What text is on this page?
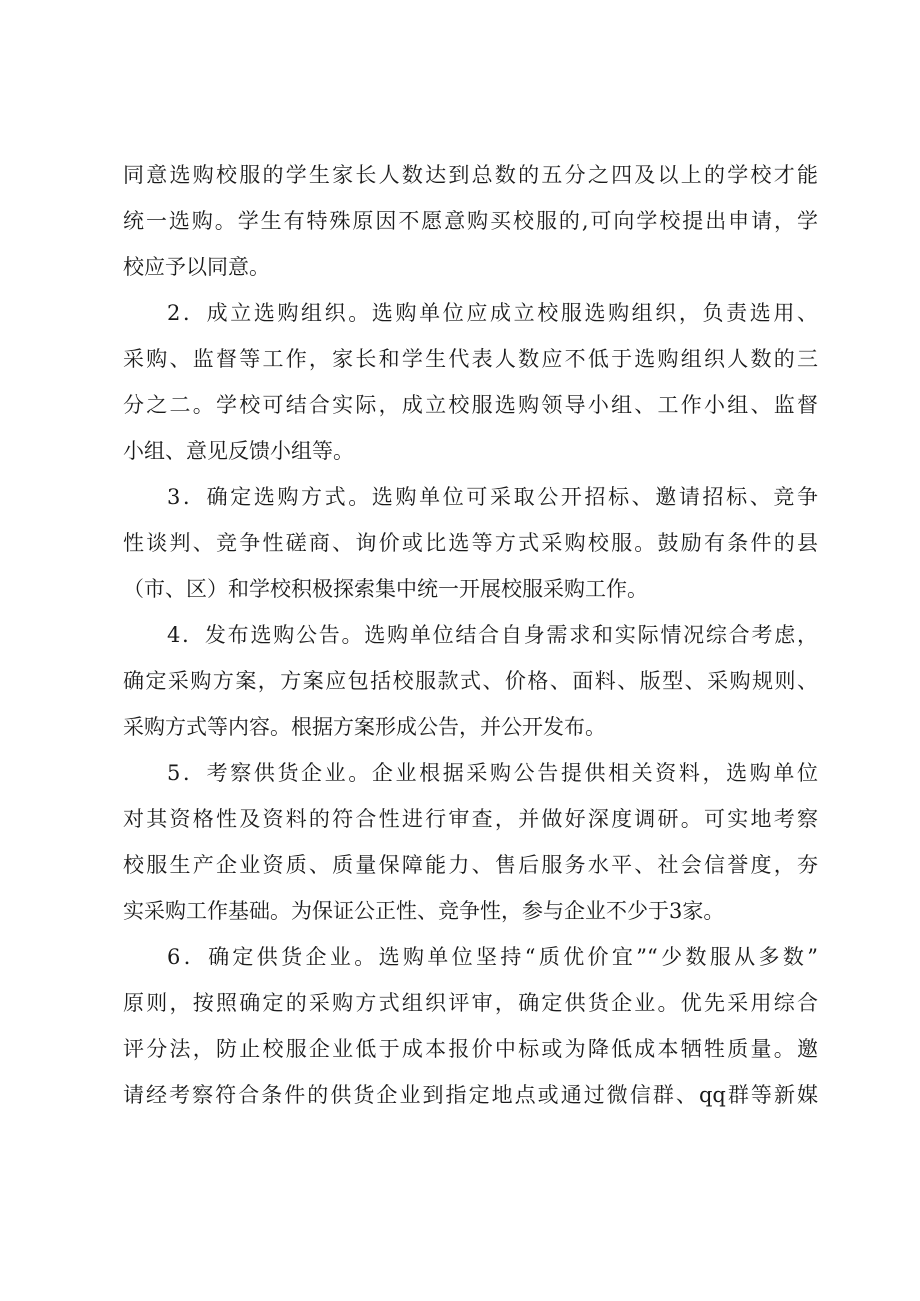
同意选购校服的学生家长人数达到总数的五分之四及以上的学校才能
统一选购。学生有特殊原因不愿意购买校服的,可向学校提出申请，学
校应予以同意。
2．成立选购组织。选购单位应成立校服选购组织，负责选用、
采购、监督等工作，家长和学生代表人数应不低于选购组织人数的三
分之二。学校可结合实际，成立校服选购领导小组、工作小组、监督
小组、意见反馈小组等。
3．确定选购方式。选购单位可采取公开招标、邀请招标、竞争
性谈判、竞争性磋商、询价或比选等方式采购校服。鼓励有条件的县
（市、区）和学校积极探索集中统一开展校服采购工作。
4．发布选购公告。选购单位结合自身需求和实际情况综合考虑，
确定采购方案，方案应包括校服款式、价格、面料、版型、采购规则、
采购方式等内容。根据方案形成公告，并公开发布。
5．考察供货企业。企业根据采购公告提供相关资料，选购单位
对其资格性及资料的符合性进行审查，并做好深度调研。可实地考察
校服生产企业资质、质量保障能力、售后服务水平、社会信誉度，夯
实采购工作基础。为保证公正性、竞争性，参与企业不少于3家。
6．确定供货企业。选购单位坚持“质优价宜”“少数服从多数”
原则，按照确定的采购方式组织评审，确定供货企业。优先采用综合
评分法，防止校服企业低于成本报价中标或为降低成本牺牲质量。邀
请经考察符合条件的供货企业到指定地点或通过微信群、qq群等新媒
